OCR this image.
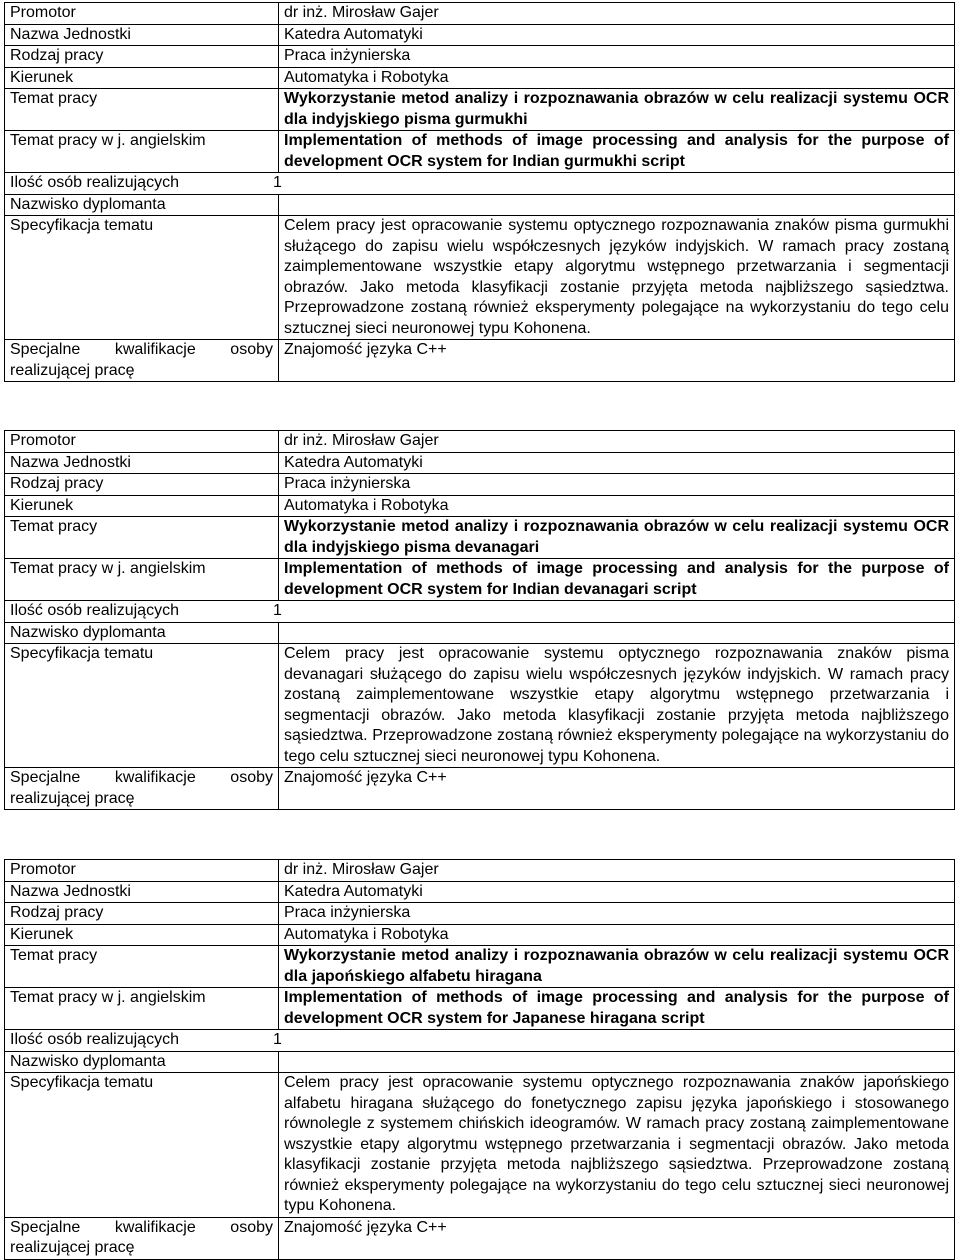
Promotor	dr inż. Mirosław Gajer
Nazwa Jednostki	Katedra Automatyki
Rodzaj pracy	Praca inżynierska
Kierunek	Automatyka i Robotyka
Temat pracy	Wykorzystanie metod analizy i rozpoznawania obrazów w celu realizacji systemu OCR dla indyjskiego pisma gurmukhi
Temat pracy w j. angielskim	Implementation of methods of image processing and analysis for the purpose of development OCR system for Indian gurmukhi script

Ilość osób realizujących 1	

Nazwisko dyplomanta	
Specyfikacja tematu	Celem pracy jest opracowanie systemu optycznego rozpoznawania znaków pisma gurmukhi służącego do zapisu wielu współczesnych języków indyjskich. W ramach pracy zostaną zaimplementowane wszystkie etapy algorytmu wstępnego przetwarzania i segmentacji obrazów. Jako metoda klasyfikacji zostanie przyjęta metoda najbliższego sąsiedztwa. Przeprowadzone zostaną również eksperymenty polegające na wykorzystaniu do tego celu sztucznej sieci neuronowej typu Kohonena.

Specjalne kwalifikacje osoby
realizującej pracę	Znajomość języka C++
Promotor	dr inż. Mirosław Gajer
Nazwa Jednostki	Katedra Automatyki
Rodzaj pracy	Praca inżynierska
Kierunek	Automatyka i Robotyka
Temat pracy	Wykorzystanie metod analizy i rozpoznawania obrazów w celu realizacji systemu OCR dla indyjskiego pisma devanagari
Temat pracy w j. angielskim	Implementation of methods of image processing and analysis for the purpose of development OCR system for Indian devanagari script

Ilość osób realizujących 1	

Nazwisko dyplomanta	
Specyfikacja tematu	Celem pracy jest opracowanie systemu optycznego rozpoznawania znaków pisma devanagari służącego do zapisu wielu współczesnych języków indyjskich. W ramach pracy zostaną zaimplementowane wszystkie etapy algorytmu wstępnego przetwarzania i segmentacji obrazów. Jako metoda klasyfikacji zostanie przyjęta metoda najbliższego sąsiedztwa. Przeprowadzone zostaną również eksperymenty polegające na wykorzystaniu do tego celu sztucznej sieci neuronowej typu Kohonena.

Specjalne kwalifikacje osoby
realizującej pracę	Znajomość języka C++
Promotor	dr inż. Mirosław Gajer
Nazwa Jednostki	Katedra Automatyki
Rodzaj pracy	Praca inżynierska
Kierunek	Automatyka i Robotyka
Temat pracy	Wykorzystanie metod analizy i rozpoznawania obrazów w celu realizacji systemu OCR dla japońskiego alfabetu hiragana
Temat pracy w j. angielskim	Implementation of methods of image processing and analysis for the purpose of development OCR system for Japanese hiragana script

Ilość osób realizujących 1	

Nazwisko dyplomanta	
Specyfikacja tematu	Celem pracy jest opracowanie systemu optycznego rozpoznawania znaków japońskiego alfabetu hiragana służącego do fonetycznego zapisu języka japońskiego i stosowanego równolegle z systemem chińskich ideogramów. W ramach pracy zostaną zaimplementowane wszystkie etapy algorytmu wstępnego przetwarzania i segmentacji obrazów. Jako metoda klasyfikacji zostanie przyjęta metoda najbliższego sąsiedztwa. Przeprowadzone zostaną również eksperymenty polegające na wykorzystaniu do tego celu sztucznej sieci neuronowej typu Kohonena.

Specjalne kwalifikacje osoby
realizującej pracę	Znajomość języka C++
